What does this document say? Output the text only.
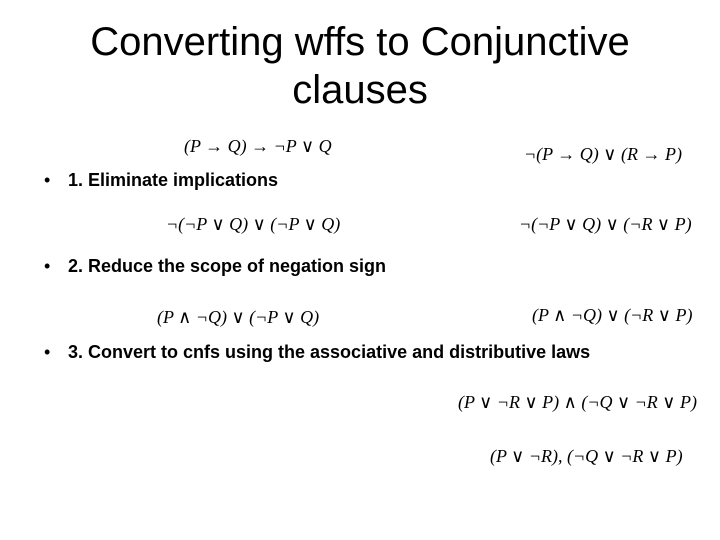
Converting wffs to Conjunctive
clauses
(P → Q) → ¬P ∨ Q	¬(P → Q) ∨ (R → P)
• 1. Eliminate implications
¬(¬P ∨ Q) ∨ (¬P ∨ Q)	¬(¬P ∨ Q) ∨ (¬R ∨ P)
• 2. Reduce the scope of negation sign
(P ∧ ¬Q) ∨ (¬P ∨ Q)	(P ∧ ¬Q) ∨ (¬R ∨ P)
• 3. Convert to cnfs using the associative and distributive laws
(P ∨ ¬R ∨ P) ∧ (¬Q ∨ ¬R ∨ P)
(P ∨ ¬R), (¬Q ∨ ¬R ∨ P)
